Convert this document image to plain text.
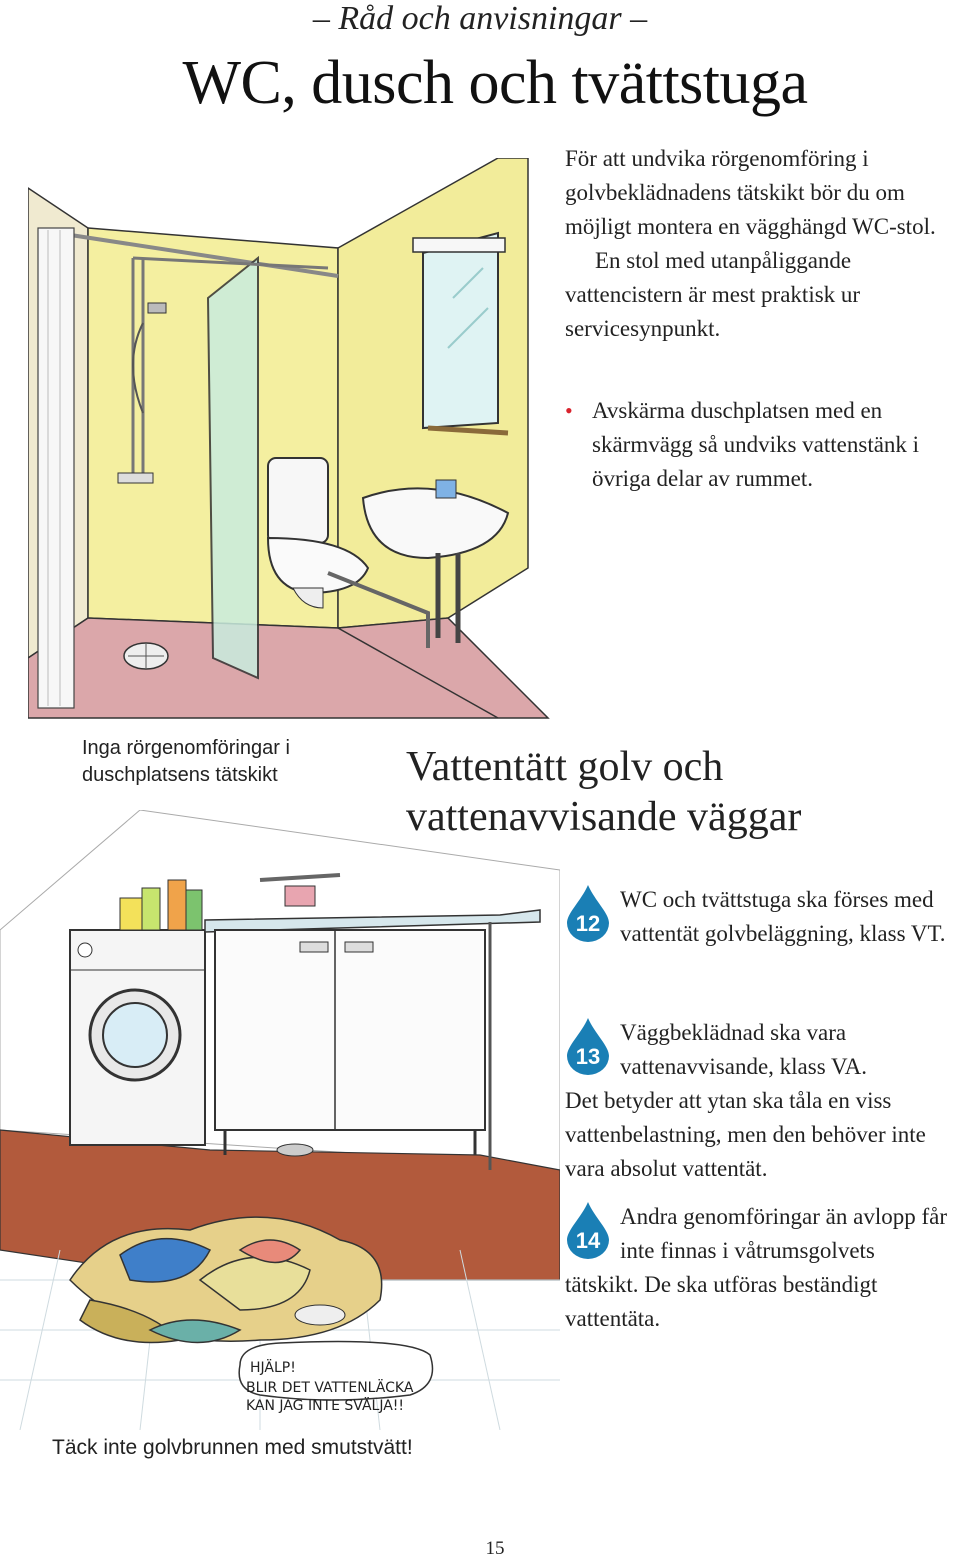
– Råd och anvisningar –
WC, dusch och tvättstuga

För att undvika rörgenomföring i golvbeklädnadens tätskikt bör du om möjligt montera en vägghängd WC-stol.

En stol med utanpåliggande vattencistern är mest praktisk ur servicesynpunkt.

• Avskärma duschplatsen med en skärmvägg så undviks vattenstänk i övriga delar av rummet.
Inga rörgenomföringar i duschplatsens tätskikt	Vattentätt golv och vattenavvisande väggar
HJÄLP!
BLIR DET VATTENLÄCKA
KAN JAG INTE SVÄLJA!!
12
WC och tvättstuga ska förses med vattentät golvbeläggning, klass VT.
13
Väggbeklädnad ska vara vattenavvisande, klass VA.
Det betyder att ytan ska tåla en viss vattenbelastning, men den behöver inte vara absolut vattentät.
14
Andra genomföringar än avlopp får inte finnas i våtrumsgolvets
tätskikt. De ska utföras beständigt vattentäta.
Täck inte golvbrunnen med smutstvätt!
15
